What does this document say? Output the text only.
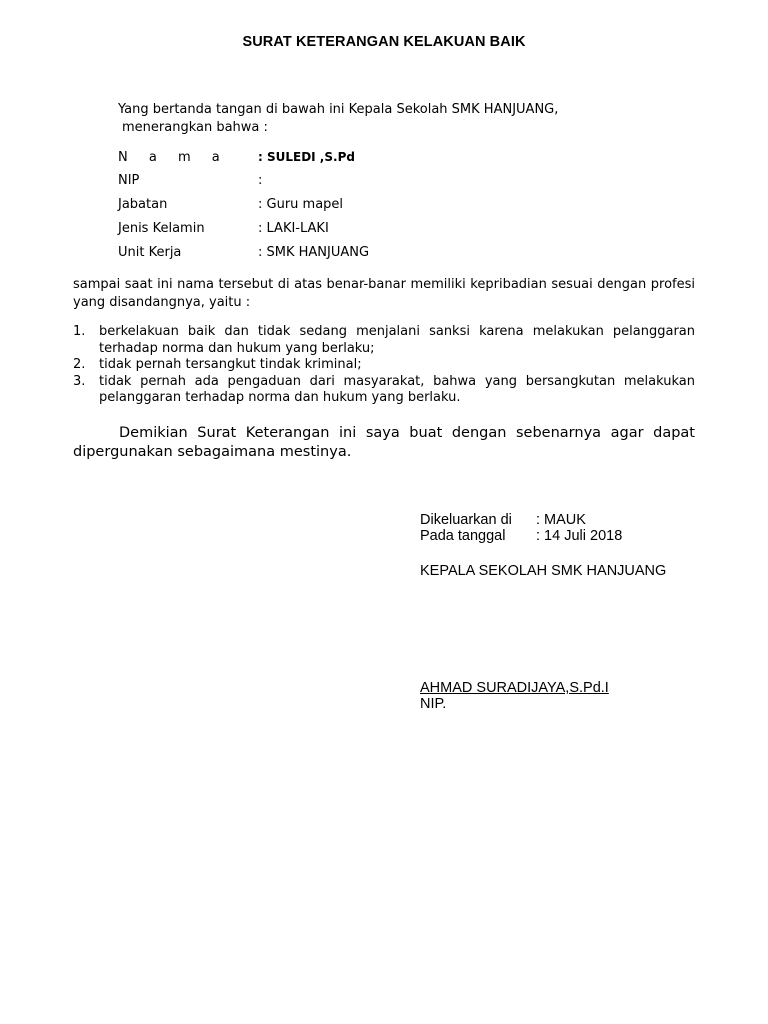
SURAT KETERANGAN KELAKUAN BAIK
Yang bertanda tangan di bawah ini Kepala Sekolah SMK HANJUANG,
menerangkan bahwa :
N a m a : SULEDI ,S.Pd
NIP	:
Jabatan	: Guru mapel
Jenis Kelamin	: LAKI-LAKI
Unit Kerja	: SMK HANJUANG
sampai saat ini nama tersebut di atas benar-banar memiliki kepribadian sesuai dengan profesi yang disandangnya, yaitu :
1. berkelakuan baik dan tidak sedang menjalani sanksi karena melakukan pelanggaran terhadap norma dan hukum yang berlaku;
2. tidak pernah tersangkut tindak kriminal;
3. tidak pernah ada pengaduan dari masyarakat, bahwa yang bersangkutan melakukan pelanggaran terhadap norma dan hukum yang berlaku.
Demikian Surat Keterangan ini saya buat dengan sebenarnya agar dapat dipergunakan sebagaimana mestinya.
Dikeluarkan di : MAUK
Pada tanggal : 14 Juli 2018
KEPALA SEKOLAH SMK HANJUANG
AHMAD SURADIJAYA,S.Pd.I
NIP.
